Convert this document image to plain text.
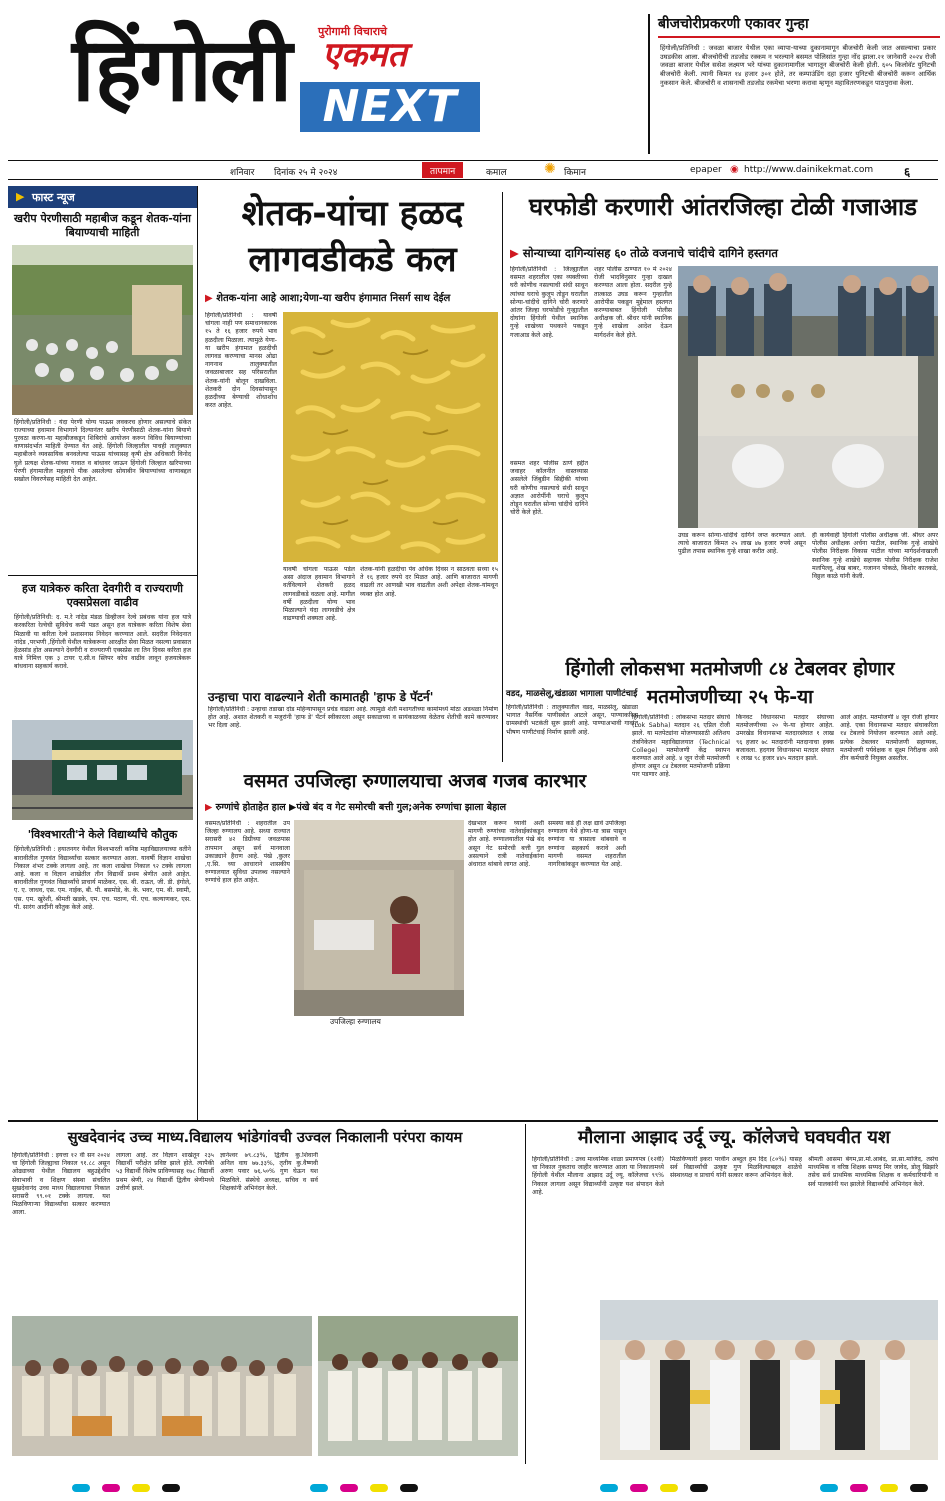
हिंगोली	पुरोगामी विचाराचे
एकमत
NEXT
बीजचोरीप्रकरणी एकावर गुन्हा
हिंगोली/प्रतिनिधी : जवळा बाजार येथील एका व्यापा-याच्या दुकानामागून बीजचोरी केली जात असल्याचा प्रकार उघडकीस आला. बीजचोरीची तडजोड रक्कम न भरल्याने बसमत पोलिसांत गुन्हा नोंद झाला.२१ जानेवारी २०२४ रोजी जवळा बाजार येथील ससेश लक्ष्मण भरे यांच्या दुकानामागील भागातून बीजचोरी केली होती. ६०५ किलोवॅट युनिटची बीजचोरी केली. त्यानी किमत १४ हजार ३०१ होते, तर कम्पाउंडिंग दहा हजार युनिटची बीजचोरी करून आर्थिक नुकसान केले. बीजचोरी व शासनाची तडजोड रकमेचा भरणा करावा म्हणून महावितरणकडून पाठपुरावा केला.
शनिवार दिनांक २५ मे २०२४	तापमान	कमाल	✺ किमान	epaper ◉ http://www.dainikekmat.com	६
▶ फास्ट न्यूज
खरीप पेरणीसाठी महाबीज कडून शेतक-यांना बियाण्याची माहिती
हिंगोली/प्रतिनिधी : यंदा पेरणी योग्य पाऊस लवकरच होणार असल्याचे संकेत राज्याच्या हवामान विभागाने दिल्यानंतर खरीप पेरणीसाठी शेतक-यांना बियाणे पुरवठा करणा-या महाबीजकडून शिबिरांचे आयोजन करून विविध बियाण्यांच्या वाणासंदर्भात माहिती देण्यात येत आहे. हिंगोली जिल्हातील पाचही तालुक्यात महाबीजने व्यवसायिक बनवलेल्या पाऊस यांच्यासह कृषी क्षेत्र अधिकारी विनोद घुले प्रत्यक्ष शेतक-यांच्या गावात व बांधावर जाऊन हिंगोली जिल्हात खरिपाच्या पेरणी हंगामातील महत्वाचे पीक असलेल्या सोयाबीन बियाण्यांच्या वाणाबद्दल सखोल विवरणेसह माहिती देत आहेत.
हज यात्रेकरु करिता देवगीरी व राज्यराणी एक्सप्रेसला वाढीव
हिंगोली/प्रतिनिधी: द. म.रे नांदेड मंडळ डिव्हीजन रेल्वे प्रबंधक यांना हज यात्रे करकरिता रेल्वेची सुविधेच कमी पडत असून हज यात्रेकरू करिता विशेष सेवा मिळावी या करिता रेल्वे प्रशासनास निवेदन करण्यात आले. सदरील निवेदनात नांदेड ,परभणी ,हिंगोली येथील यात्रेकरूना आरक्षीत सेवा मिळत नसल्या प्रवासात हेळसांड होत असल्याने देवगीरी व राज्यराणी एक्सप्रेस ला तिन दिवस करिता हज यात्रे निमित्त एक ३ टायर ए.सी.व स्लिपर कोच वाढीव लावून हजयात्रेकरू बांधवाना सहकार्य करावे.
'विश्वभारती'ने केले विद्यार्थ्यांचे कौतुक
हिंगोली/प्रतिनिधी : हयातनगर येथील विश्वभारती कनिष्ठ महाविद्यालयाच्या वतीने बारावीतील गुणवंत विद्यार्थ्यांचा सत्कार करण्यात आला. यावर्षी विज्ञान शाखेचा निकाल शंभर टक्के लागला आहे. तर कला शाखेचा निकाल ९२ टक्के लागला आहे. कला व विज्ञान शाखेतील तीन विद्यार्थी प्रथम श्रेणीत आले आहेत. बारावीतील गुणवंत विद्यार्थ्यांचे प्राचार्य माळेकर, एस. बी. राऊत, जी. डी. इंगोले, ए. ए. जाधव, एस. एम. नाईक, बी. पी. बसमोडे, के. के. भवर, एम. बी. स्वामी, एस. एम. खुरेशी, श्रीमती खडके, एम. एच. पठाण, पी. एच. कल्याणकर, एस. पी. सारंग आदींनी कौतुक केले आहे.
शेतक-यांचा हळद लागवडीकडे कल
▶ शेतक-यांना आहे आशा;येणा-या खरीप हंगामात निसर्ग साथ देईल
हिंगोली/प्रतिनिधी : यावर्षी चांगला नाही पण समाधानकारक १५ ते १६ हजार रुपये भाव हळदीला मिळाला. त्यामुळे येणा-या खरीप हंगामात हळदीची लागवड करण्याचा मानस ओढा नागनाथ तालुक्यातील जवळाबाजार सह परिसरातील शेतक-यांनी बोलून दाखविला. शेतकरी दोन दिवसांपासून हळदीच्या बेण्याची शोधाशोध करत आहेत.
यावर्षी चांगला पाऊस पडेल असा अंदाज हवामान विभागाने वर्तविल्याने शेतकरी हळद लागवडीकडे वळला आहे. मागील वर्षी हळदीला योग्य भाव मिळाल्याने यंदा लागवडीचे क्षेत्र वाढण्याची शक्यता आहे.
शेतक-यांनी हळदीचा पेव अधिक दिवस न साठवता सध्या १५ ते १६ हजार रुपये दर मिळत आहे. आणि बाजारात मागणी वाढली तर आणखी भाव वाढतील अशी अपेक्षा शेतक-यांमधून व्यक्त होत आहे.
उन्हाचा पारा वाढल्याने शेती कामातही 'हाफ डे पॅटर्न'
हिंगोली/प्रतिनिधी : उन्हाचा तडाखा दोड महिन्यापासून प्रचंड वाढला आहे. त्यामुळे शेती मशागतीच्या कामांमध्ये मोठा अडथळा निर्माण होत आहे. अशात शेतकरी व मजुरांनी 'हाफ डे' पॅटर्न स्वीकारला असून सकाळच्या व सायंकाळच्या वेळेतच शेतीची कामे करण्यावर भर दिला आहे.
वडद, माळसेलू,खंडाळा भागाला पाणीटंचाई
हिंगोली/प्रतिनिधी : तालुक्यातील वडद, माळसेलू, खंडाळा भागात नैसर्गिक पाणीस्त्रोत आटले असून, पाण्याकरिता ग्रामस्थांची भटकंती सुरू झाली आहे. पाण्याअभावी गावांत भीषण पाणीटंचाई निर्माण झाली आहे.
घरफोडी करणारी आंतरजिल्हा टोळी गजाआड
▶ सोन्याच्या दागिन्यांसह ६० तोळे वजनाचे चांदीचे दागिने हस्तगत
हिंगोली/प्रतिनिधी : जिल्ह्यातील वसमत शहरातील एका व्यक्तीच्या घरी कोणीच नसल्याची संधी साधून त्यांच्या घराचे कुलूप तोडून घरातील सोन्या-चांदीचे दागिने चोरी करणारे आंतर जिल्हा घरफोडीचे गुन्ह्यातील दोघांना हिंगोली येथील स्थानिक गुन्हे शाखेच्या पथकाने पकडून गजाआड केले आहे.
वसमत शहर पोलीस ठाणे हद्दीत जवाहर कॉलनीत वास्तव्यास असलेले जिंबुडीन सिद्दीकी यांच्या घरी कोणीच नसल्याचे संधी साधून अज्ञात आरोपींनी घराचे कुलूप तोडून घरातील सोन्या चांदीचे दागिने चोरी केले होते.
शहर पोलीस ठाण्यात १० मे २०२४ रोजी भादविनुसार गुन्हा दाखल करण्यात आला होता. सदरील गुन्हे तात्काळ उघड करून गुन्हातील आरोपीस पकडून मुद्देमाल हस्तगत करण्याबाबत हिंगोली पोलीस अधीक्षक जी. श्रीधर यांनी स्थानिक गुन्हे शाखेला आदेश देऊन मार्गदर्शन केले होते.
उघड करून सोन्या-चांदीचे दागिने जप्त करण्यात आले. त्याचे बाजारात किंमत २५ लाख ४७ हजार रुपये असून पुढील तपास स्थानिक गुन्हे शाखा करीत आहे.
ही कार्यवाही हिंगोली पोलीस अधीक्षक जी. श्रीधर अपर पोलीस अधीक्षक अर्चना पाटील, स्थानिक गुन्हे शाखेचे पोलीस निरीक्षक विकास पाटील यांच्या मार्गदर्शनाखाली स्थानिक गुन्हे शाखेचे सहायक पोलीस निरीक्षक राजेश मलपिल्लू, शेख बाबर, गजानन पोकळे, किशोर कातकडे, विठ्ठल काळे यांनी केली.
हिंगोली लोकसभा मतमोजणी ८४ टेबलवर होणार मतमोजणीच्या २५ फे-या
हिंगोली/प्रतिनिधी : लोकसभा मतदार संघाचे (Lok Sabha) मतदान २६ एप्रिल रोजी झाले. या मतपेट्यांना मोजण्यासाठी अतिशय तंत्रनिकेतन महाविद्यालयात (Technical College) मतमोजणी केंद्र स्थापन करण्यात आले आहे. ४ जून रोजी मतमोजणी होणार असून ८४ टेबलवर मतमोजणी प्रक्रिया पार पडणार आहे.
किनवट विधानसभा मतदार संघाच्या मतमोजणीच्या २० फे-या होणार आहेत. उमरखेड विधानसभा मतदारसंघात १ लाख ९६ हजार ७८ मतदारांनी मतदानाचा हक्क बजावला. हदगाव विधानसभा मतदार संघात १ लाख ९८ हजार ४४५ मतदान झाले.
आले आहेत. मतमोजणी ४ जून रोजी होणार आहे. एका विधानसभा मतदार संघाकरिता १४ टेबलचे नियोजन करण्यात आले आहे. प्रत्येक टेबलवर मतमोजणी सहाय्यक, मतमोजणी पर्यवेक्षक व सूक्ष्म निरीक्षक असे तीन कर्मचारी नियुक्त असतील.
वसमत उपजिल्हा रुग्णालयाचा अजब गजब कारभार
▶ रुग्णांचे होताहेत हाल ▶पंखे बंद व गेट समोरची बत्ती गुल;अनेक रुग्णांचा झाला बेहाल
वसमत/प्रतिनिधी : शहरातील उप जिल्हा रुग्णालय आहे. सध्या राज्यात सरासरी ४२ डिग्रीच्या जवळपास तापमान असून सर्व मानवाला उकाड्याने हैराण आहे. पंखे ,कुलर ,ए.सि. च्या आधाराने शासकीय रुग्णालयात सुविधा उपलब्ध नसल्याने रुग्णांचे हाल होत आहेत.
उपजिल्हा रुग्णालय
देखभाल करून घ्यावी अशी मागणी रुग्णांच्या नातेवाईकांकडून होत आहे. रुग्णालयातील पंखे बंद असून गेट समोरची बत्ती गुल असल्याने रात्री नातेवाईकांना अंधारात थांबावे लागत आहे.
समस्या कडे ही लक्ष द्यावे उपजिल्हा रुग्णालय येथे होणा-या त्रास पासून रुग्णांना या त्रासाला थांबवावे व रुग्णांना सहकार्य करावे अशी मागणी वसमत शहरातील नागरिकांकडून करण्यात येत आहे.
सुखदेवानंद उच्च माध्य.विद्यालय भांडेगांवची उज्वल निकालानी परंपरा कायम
हिंगोली/प्रतिनिधी : इयत्ता १२ वी सन २०२४ चा हिंगोली जिल्ह्याचा निकाल ९१.८८ असून ओढ्याच्या येथील विद्यालय बहुउद्देशीय सेवाभावी व शिक्षण संस्था संचलित सुखदेवानंद उच्च माध्य विद्यालयाचा निकाल सरासरी ९९.०१ टक्के लागला. यश मिळविणाऱ्या विद्यार्थ्यांचा सत्कार करण्यात आला.
लागला आहे. तर विज्ञान शाखेतून २३५ विद्यार्थी परीक्षेत प्रविष्ट झाले होते. त्यापैकी ५३ विद्यार्थी विशेष प्राविण्यासह १७८ विद्यार्थी प्रथम श्रेणी, २४ विद्यार्थी द्वितीय श्रेणीमध्ये उत्तीर्ण झाले.
ज्ञानेश्वर ७९.८३%, द्वितीय कु.शिवानी अनिल वाघ ७७.३३%, तृतीय कु.वैष्णवी अरुण पवार ७६.५०% गुण घेऊन यश मिळविले. संस्थेचे अध्यक्ष, सचिव व सर्व शिक्षकांनी अभिनंदन केले.
मौलाना आझाद उर्दू ज्यू. कॉलेजचे घवघवीत यश
हिंगोली/प्रतिनिधी : उच्च माध्यमिक शाळा प्रमाणपत्र (१२वी) चा निकाल नुकताच जाहीर करण्यात आला या निकालामध्ये हिंगोली येथील मौलाना आझाद उर्दू ज्यू. कॉलेजचा ९९% निकाल लागला असून विद्यार्थ्यांनी उत्कृष्ट यश संपादन केले आहे.
मिळविण्यारी इकरा परवीन अब्दुल हम दिद (८०%) यासह सर्व विद्यार्थ्यांची उत्कृष्ट गुण मिळविल्याबद्दल शाळेचे संस्थाध्यक्ष व प्राचार्य यांनी सत्कार करून अभिनंदन केले.
श्रीमती आसमा बेगम,प्रा.मो.आबेद, प्रा.सा.माजिद, तसेच माध्यमिक व वरिष्ठ शिक्षक सय्यद मिर जावेद, डोलू खिझांरे तसेच सर्व प्राथमिक माध्यमिक शिक्षक व कर्मचारियांनी व सर्व पालकांनी यश झालेले विद्यार्थ्यांचे अभिनंदन केले.
